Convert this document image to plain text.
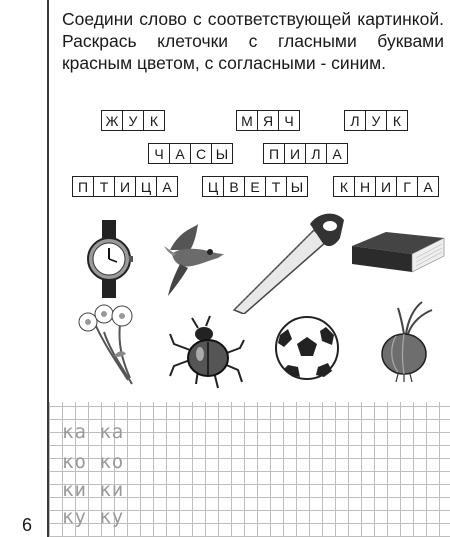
6
Соедини слово с соответствующей картинкой. Раскрась клеточки с гласными буквами красным цветом, с согласными - синим.
Ж У К	М Я Ч	Л У К
Ч А С Ы	П И Л А
П Т И Ц А	Ц В Е Т Ы	К Н И Г А
ка ка
ко ко
ки ки
ку ку
